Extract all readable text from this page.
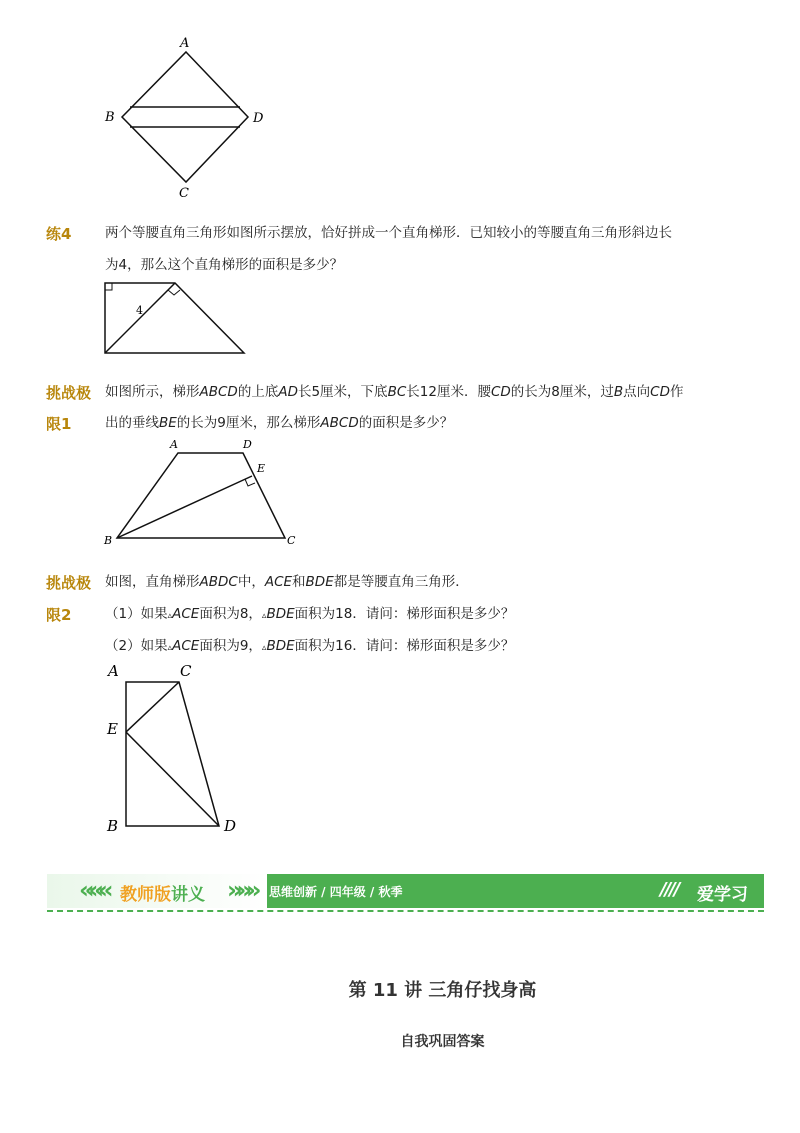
A
B	D
C
练4 两个等腰直角三角形如图所示摆放，恰好拼成一个直角梯形．已知较小的等腰直角三角形斜边长
为4，那么这个直角梯形的面积是多少？
4
挑战极
限1
如图所示，梯形ABCD的上底AD长5厘米，下底BC长12厘米．腰CD的长为8厘米，过B点向CD作
出的垂线BE的长为9厘米，那么梯形ABCD的面积是多少？
A	D
E
B	C
挑战极
限2
如图，直角梯形ABDC中，ACE和BDE都是等腰直角三角形．
（1）如果▵ACE面积为8，▵BDE面积为18．请问：梯形面积是多少？
（2）如果▵ACE面积为9，▵BDE面积为16．请问：梯形面积是多少？
A	C
E
B	D
««« 教师版讲义 »»» 思维创新 / 四年级 / 秋季	//// 爱学习
第 11 讲 三角仔找身高
自我巩固答案
